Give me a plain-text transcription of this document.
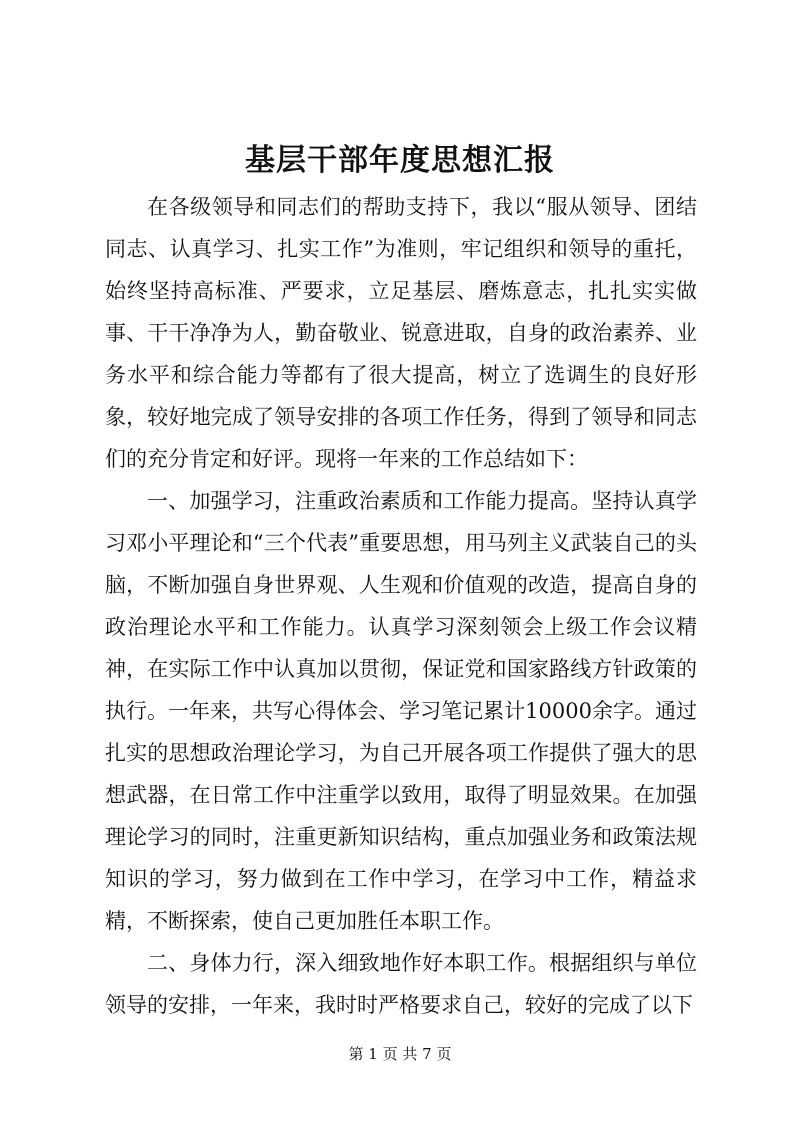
基层干部年度思想汇报

在各级领导和同志们的帮助支持下，我以“服从领导、团结同志、认真学习、扎实工作”为准则，牢记组织和领导的重托，始终坚持高标准、严要求，立足基层、磨炼意志，扎扎实实做事、干干净净为人，勤奋敬业、锐意进取，自身的政治素养、业务水平和综合能力等都有了很大提高，树立了选调生的良好形象，较好地完成了领导安排的各项工作任务，得到了领导和同志们的充分肯定和好评。现将一年来的工作总结如下：

一、加强学习，注重政治素质和工作能力提高。坚持认真学习邓小平理论和“三个代表”重要思想，用马列主义武装自己的头脑，不断加强自身世界观、人生观和价值观的改造，提高自身的政治理论水平和工作能力。认真学习深刻领会上级工作会议精神，在实际工作中认真加以贯彻，保证党和国家路线方针政策的执行。一年来，共写心得体会、学习笔记累计10000余字。通过扎实的思想政治理论学习，为自己开展各项工作提供了强大的思想武器，在日常工作中注重学以致用，取得了明显效果。在加强理论学习的同时，注重更新知识结构，重点加强业务和政策法规知识的学习，努力做到在工作中学习，在学习中工作，精益求精，不断探索，使自己更加胜任本职工作。

二、身体力行，深入细致地作好本职工作。根据组织与单位领导的安排，一年来，我时时严格要求自己，较好的完成了以下

第 1 页 共 7 页
